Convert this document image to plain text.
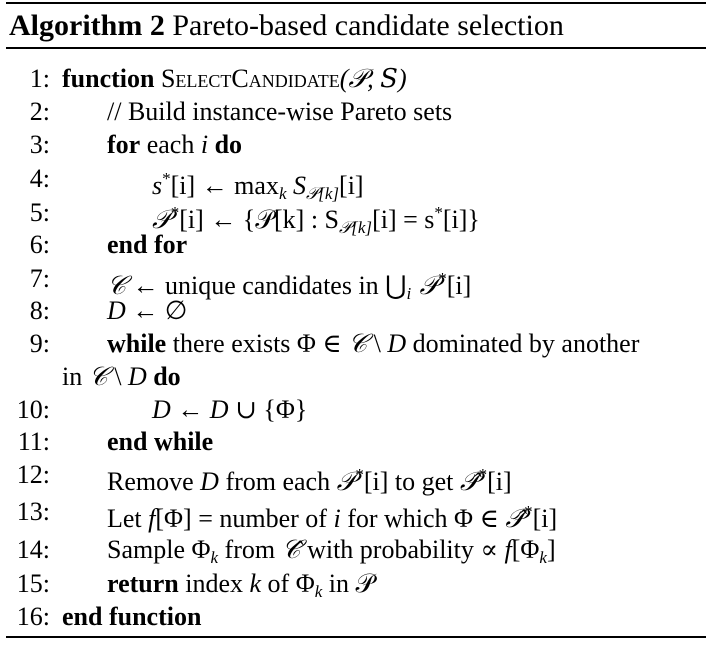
Algorithm 2 Pareto-based candidate selection
1: function SelectCandidate(𝒫, 𝑆)
2: // Build instance-wise Pareto sets
3: for each i do
4:	s*[i] ← $\max_k S_{𝒫[k]}[i]$
5:	𝒫*[i] ← {𝒫[k] : $S_{𝒫[k]}[i] = s^*[i]$}
6: end for
7: 𝒞 ← unique candidates in $⋃_i$ 𝒫*[i]
8: D ← ∅
9: while there exists Φ ∈ 𝒞 \ D dominated by another
in 𝒞 \ D do
10:	D ← D ∪ {Φ}
11: end while
12: Remove D from each 𝒫*[i] to get 𝒫̂*[i]
13: Let f[Φ] = number of i for which Φ ∈ 𝒫̂*[i]
14: Sample $\Phi_k$ from 𝒞̂ with probability ∝ $f[\Phi_k]$
15: return index k of $\Phi_k$ in 𝒫
16: end function
